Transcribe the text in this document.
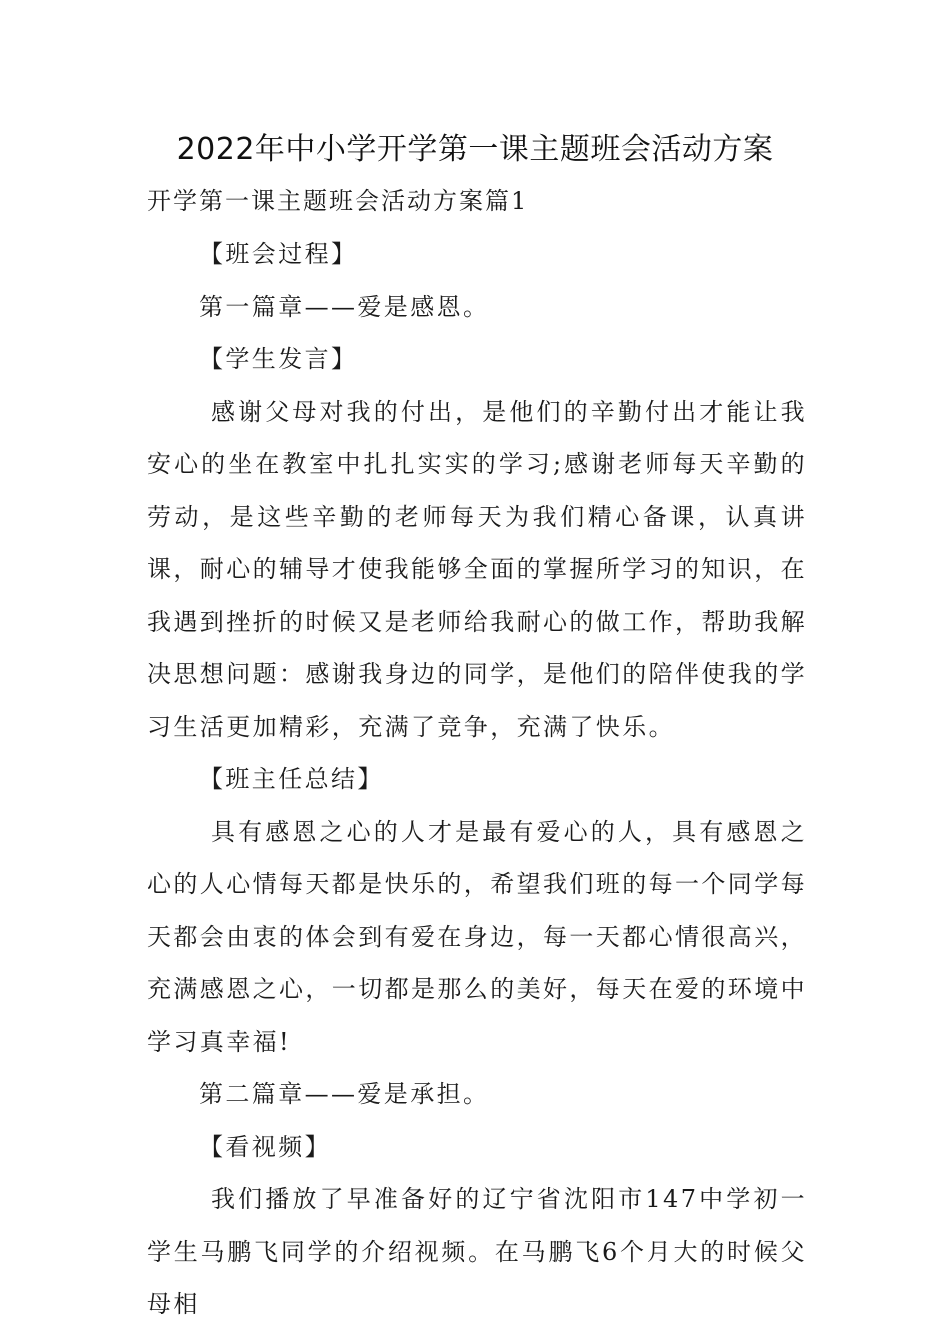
2022年中小学开学第一课主题班会活动方案
开学第一课主题班会活动方案篇1

【班会过程】

第一篇章——爱是感恩。

【学生发言】

感谢父母对我的付出，是他们的辛勤付出才能让我安心的坐在教室中扎扎实实的学习;感谢老师每天辛勤的劳动，是这些辛勤的老师每天为我们精心备课，认真讲课，耐心的辅导才使我能够全面的掌握所学习的知识，在我遇到挫折的时候又是老师给我耐心的做工作，帮助我解决思想问题：感谢我身边的同学，是他们的陪伴使我的学习生活更加精彩，充满了竞争，充满了快乐。

【班主任总结】

具有感恩之心的人才是最有爱心的人，具有感恩之心的人心情每天都是快乐的，希望我们班的每一个同学每天都会由衷的体会到有爱在身边，每一天都心情很高兴，充满感恩之心，一切都是那么的美好，每天在爱的环境中学习真幸福!

第二篇章——爱是承担。

【看视频】

我们播放了早准备好的辽宁省沈阳市147中学初一学生马鹏飞同学的介绍视频。在马鹏飞6个月大的时候父母相
